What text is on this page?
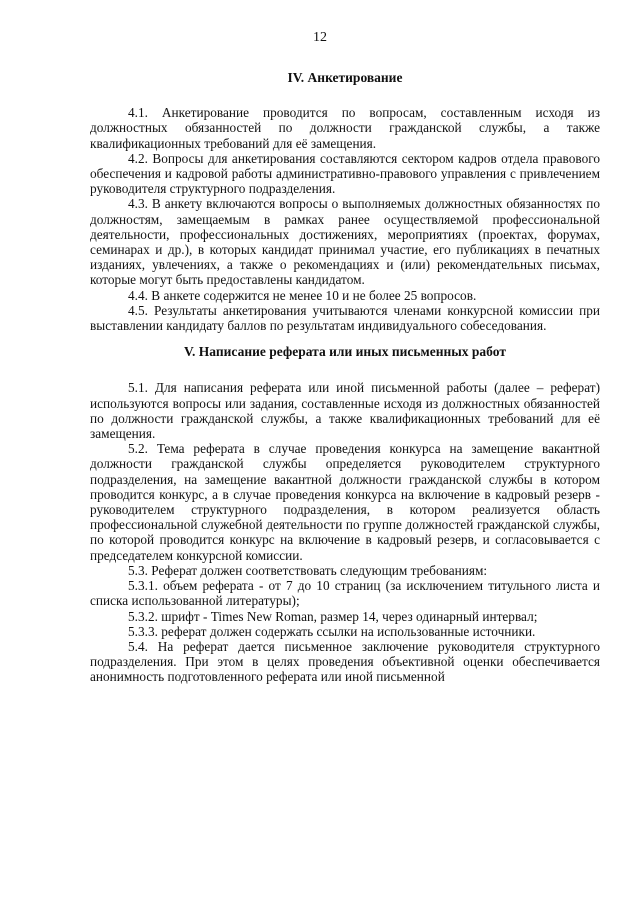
12
IV. Анкетирование

4.1. Анкетирование проводится по вопросам, составленным исходя из должностных обязанностей по должности гражданской службы, а также квалификационных требований для её замещения.

4.2. Вопросы для анкетирования составляются сектором кадров отдела правового обеспечения и кадровой работы административно-правового управления с привлечением руководителя структурного подразделения.

4.3. В анкету включаются вопросы о выполняемых должностных обязанностях по должностям, замещаемым в рамках ранее осуществляемой профессиональной деятельности, профессиональных достижениях, мероприятиях (проектах, форумах, семинарах и др.), в которых кандидат принимал участие, его публикациях в печатных изданиях, увлечениях, а также о рекомендациях и (или) рекомендательных письмах, которые могут быть предоставлены кандидатом.

4.4. В анкете содержится не менее 10 и не более 25 вопросов.

4.5. Результаты анкетирования учитываются членами конкурсной комиссии при выставлении кандидату баллов по результатам индивидуального собеседования.

V. Написание реферата или иных письменных работ

5.1. Для написания реферата или иной письменной работы (далее – реферат) используются вопросы или задания, составленные исходя из должностных обязанностей по должности гражданской службы, а также квалификационных требований для её замещения.

5.2. Тема реферата в случае проведения конкурса на замещение вакантной должности гражданской службы определяется руководителем структурного подразделения, на замещение вакантной должности гражданской службы в котором проводится конкурс, а в случае проведения конкурса на включение в кадровый резерв - руководителем структурного подразделения, в котором реализуется область профессиональной служебной деятельности по группе должностей гражданской службы, по которой проводится конкурс на включение в кадровый резерв, и согласовывается с председателем конкурсной комиссии.

5.3. Реферат должен соответствовать следующим требованиям:

5.3.1. объем реферата - от 7 до 10 страниц (за исключением титульного листа и списка использованной литературы);

5.3.2. шрифт - Times New Roman, размер 14, через одинарный интервал;

5.3.3. реферат должен содержать ссылки на использованные источники.

5.4. На реферат дается письменное заключение руководителя структурного подразделения. При этом в целях проведения объективной оценки обеспечивается анонимность подготовленного реферата или иной письменной
